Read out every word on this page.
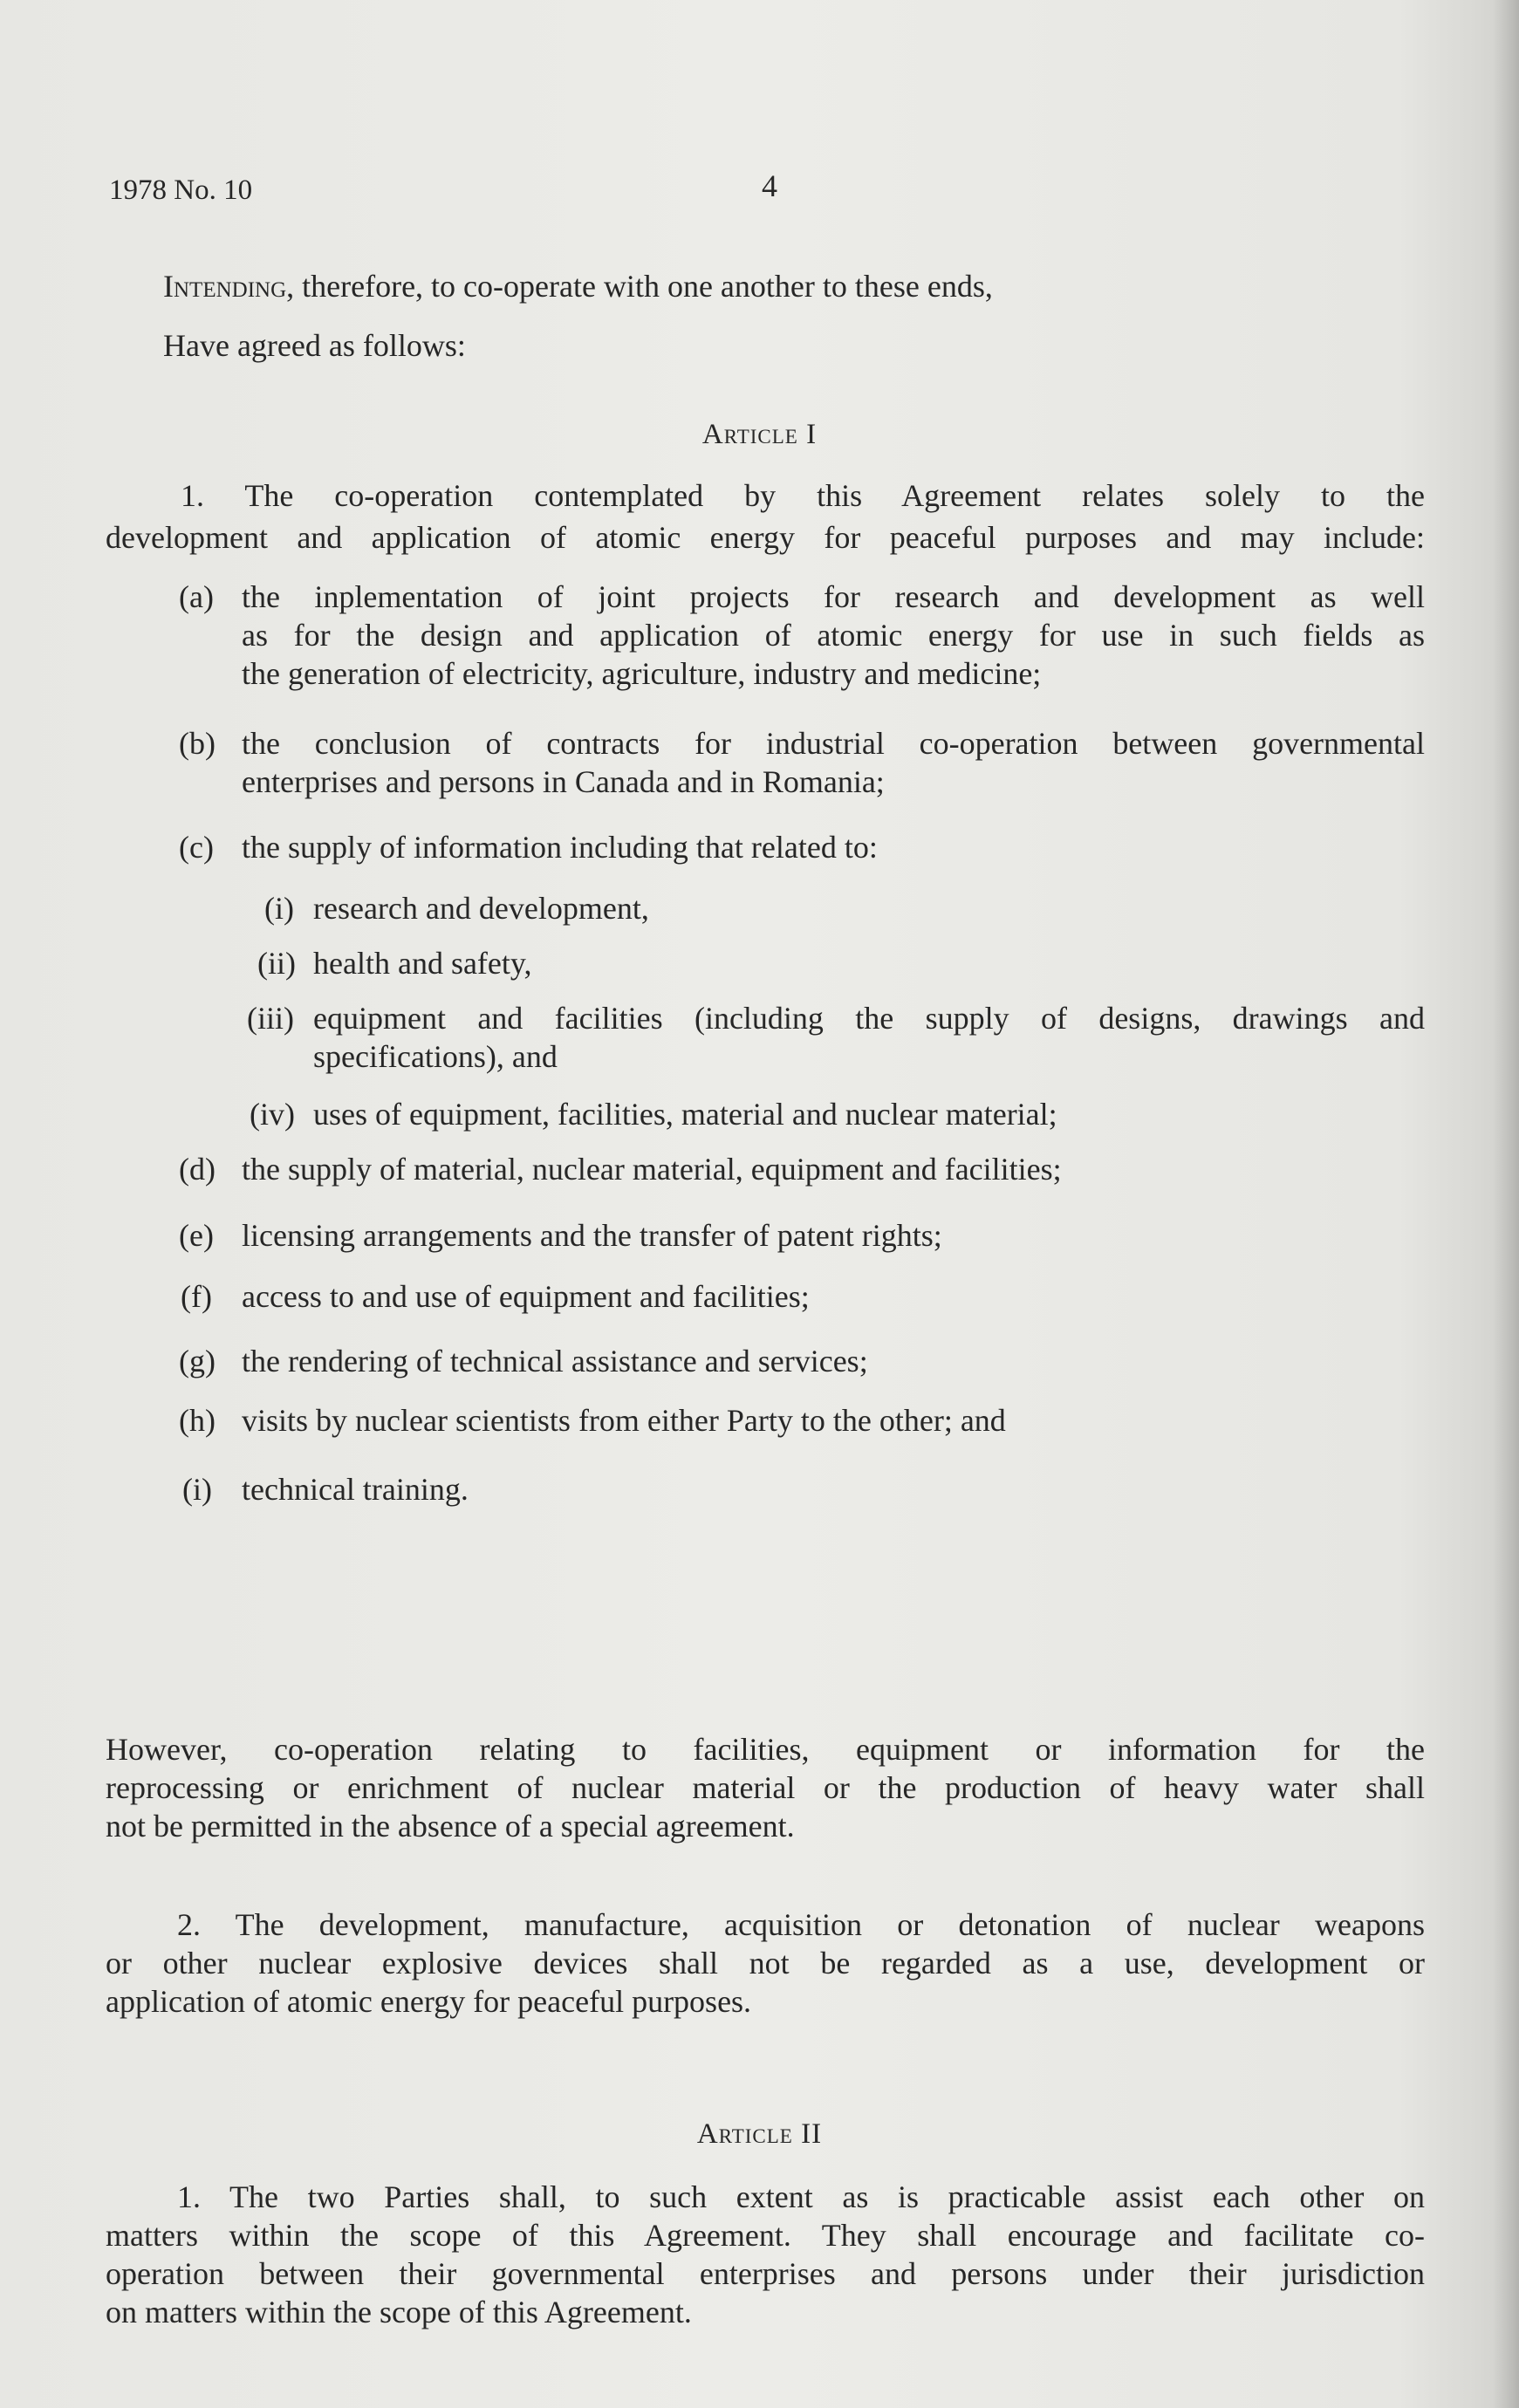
1978 No. 10	4
Intending, therefore, to co-operate with one another to these ends,
Have agreed as follows:
Article I
1. The co-operation contemplated by this Agreement relates solely to the
development and application of atomic energy for peaceful purposes and may include:
(a) the inplementation of joint projects for research and development as well
as for the design and application of atomic energy for use in such fields as
the generation of electricity, agriculture, industry and medicine;
(b) the conclusion of contracts for industrial co-operation between governmental
enterprises and persons in Canada and in Romania;
(c) the supply of information including that related to:
(i) research and development,
(ii) health and safety,
(iii) equipment and facilities (including the supply of designs, drawings and
specifications), and
(iv) uses of equipment, facilities, material and nuclear material;
(d) the supply of material, nuclear material, equipment and facilities;
(e) licensing arrangements and the transfer of patent rights;
(f) access to and use of equipment and facilities;
(g) the rendering of technical assistance and services;
(h) visits by nuclear scientists from either Party to the other; and
(i) technical training.
However, co-operation relating to facilities, equipment or information for the
reprocessing or enrichment of nuclear material or the production of heavy water shall
not be permitted in the absence of a special agreement.
2. The development, manufacture, acquisition or detonation of nuclear weapons
or other nuclear explosive devices shall not be regarded as a use, development or
application of atomic energy for peaceful purposes.
Article II
1. The two Parties shall, to such extent as is practicable assist each other on
matters within the scope of this Agreement. They shall encourage and facilitate co-
operation between their governmental enterprises and persons under their jurisdiction
on matters within the scope of this Agreement.
